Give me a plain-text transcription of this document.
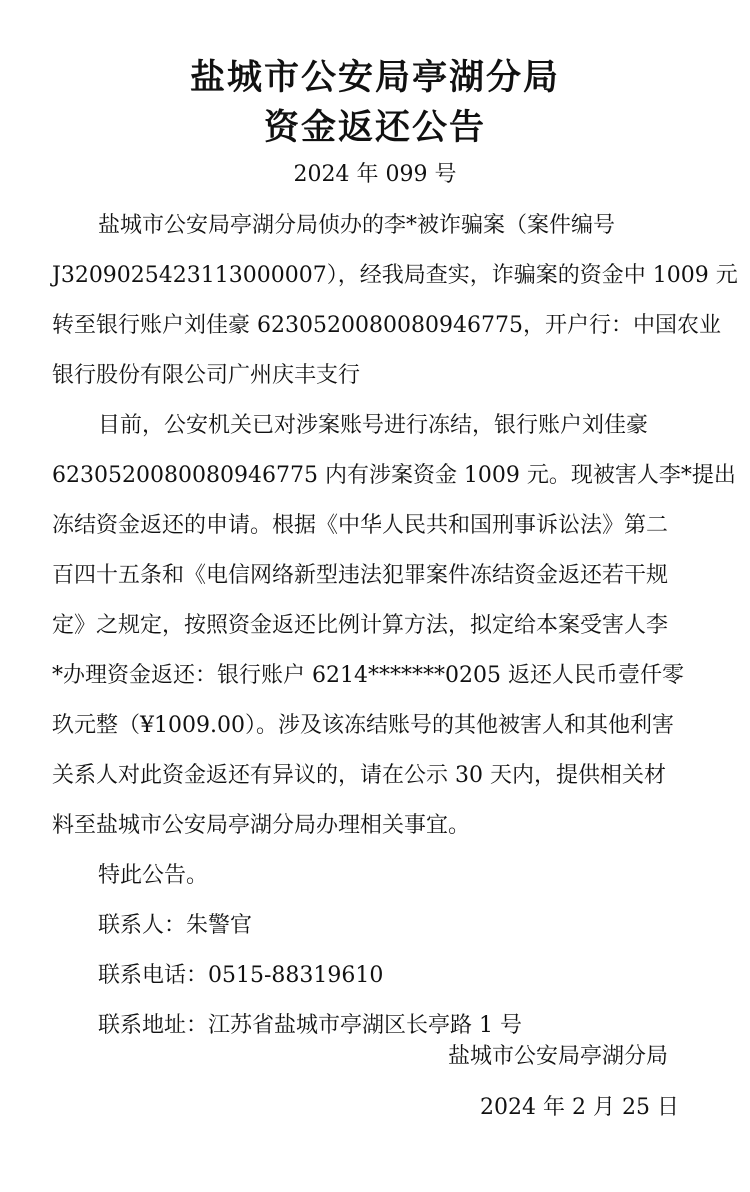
盐城市公安局亭湖分局
资金返还公告
2024 年 099 号
盐城市公安局亭湖分局侦办的李*被诈骗案（案件编号
J3209025423113000007），经我局查实，诈骗案的资金中 1009 元
转至银行账户刘佳豪 6230520080080946775，开户行：中国农业
银行股份有限公司广州庆丰支行
目前，公安机关已对涉案账号进行冻结，银行账户刘佳豪
6230520080080946775 内有涉案资金 1009 元。现被害人李*提出
冻结资金返还的申请。根据《中华人民共和国刑事诉讼法》第二
百四十五条和《电信网络新型违法犯罪案件冻结资金返还若干规
定》之规定，按照资金返还比例计算方法，拟定给本案受害人李
*办理资金返还：银行账户 6214*******0205 返还人民币壹仟零
玖元整（¥1009.00）。涉及该冻结账号的其他被害人和其他利害
关系人对此资金返还有异议的，请在公示 30 天内，提供相关材
料至盐城市公安局亭湖分局办理相关事宜。
特此公告。
联系人：朱警官
联系电话：0515-88319610
联系地址：江苏省盐城市亭湖区长亭路 1 号
盐城市公安局亭湖分局
2024 年 2 月 25 日
